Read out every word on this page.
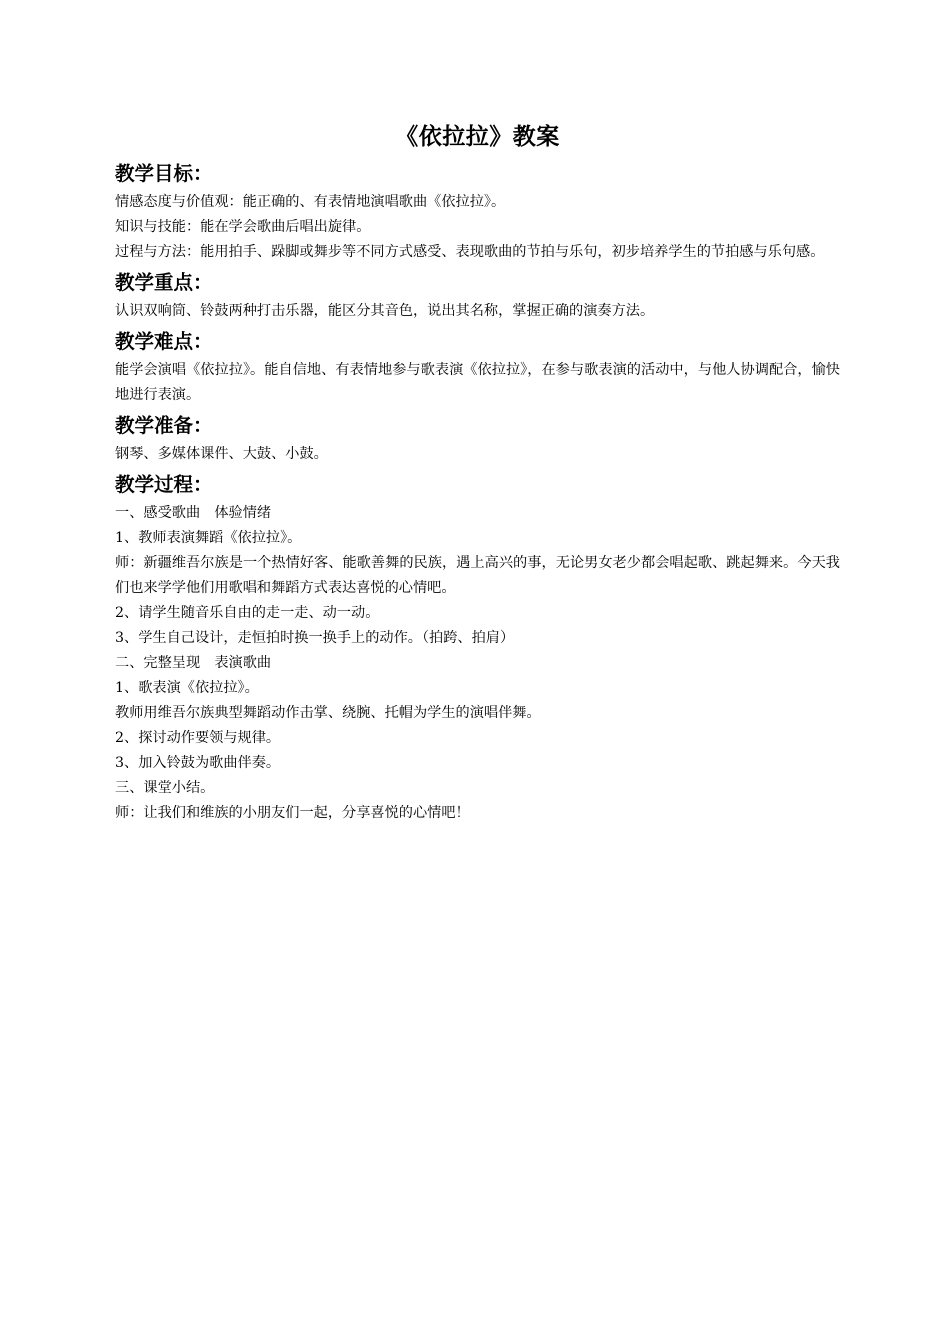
《依拉拉》教案
教学目标：

情感态度与价值观：能正确的、有表情地演唱歌曲《依拉拉》。

知识与技能：能在学会歌曲后唱出旋律。

过程与方法：能用拍手、跺脚或舞步等不同方式感受、表现歌曲的节拍与乐句，初步培养学生的节拍感与乐句感。

教学重点：

认识双响筒、铃鼓两种打击乐器，能区分其音色，说出其名称，掌握正确的演奏方法。

教学难点：

能学会演唱《依拉拉》。能自信地、有表情地参与歌表演《依拉拉》，在参与歌表演的活动中，与他人协调配合，愉快地进行表演。

教学准备：

钢琴、多媒体课件、大鼓、小鼓。

教学过程：

一、感受歌曲　体验情绪

1、教师表演舞蹈《依拉拉》。

师：新疆维吾尔族是一个热情好客、能歌善舞的民族，遇上高兴的事，无论男女老少都会唱起歌、跳起舞来。今天我们也来学学他们用歌唱和舞蹈方式表达喜悦的心情吧。

2、请学生随音乐自由的走一走、动一动。

3、学生自己设计，走恒拍时换一换手上的动作。（拍跨、拍肩）

二、完整呈现　表演歌曲

1、歌表演《依拉拉》。

教师用维吾尔族典型舞蹈动作击掌、绕腕、托帽为学生的演唱伴舞。

2、探讨动作要领与规律。

3、加入铃鼓为歌曲伴奏。

三、课堂小结。

师：让我们和维族的小朋友们一起，分享喜悦的心情吧！
